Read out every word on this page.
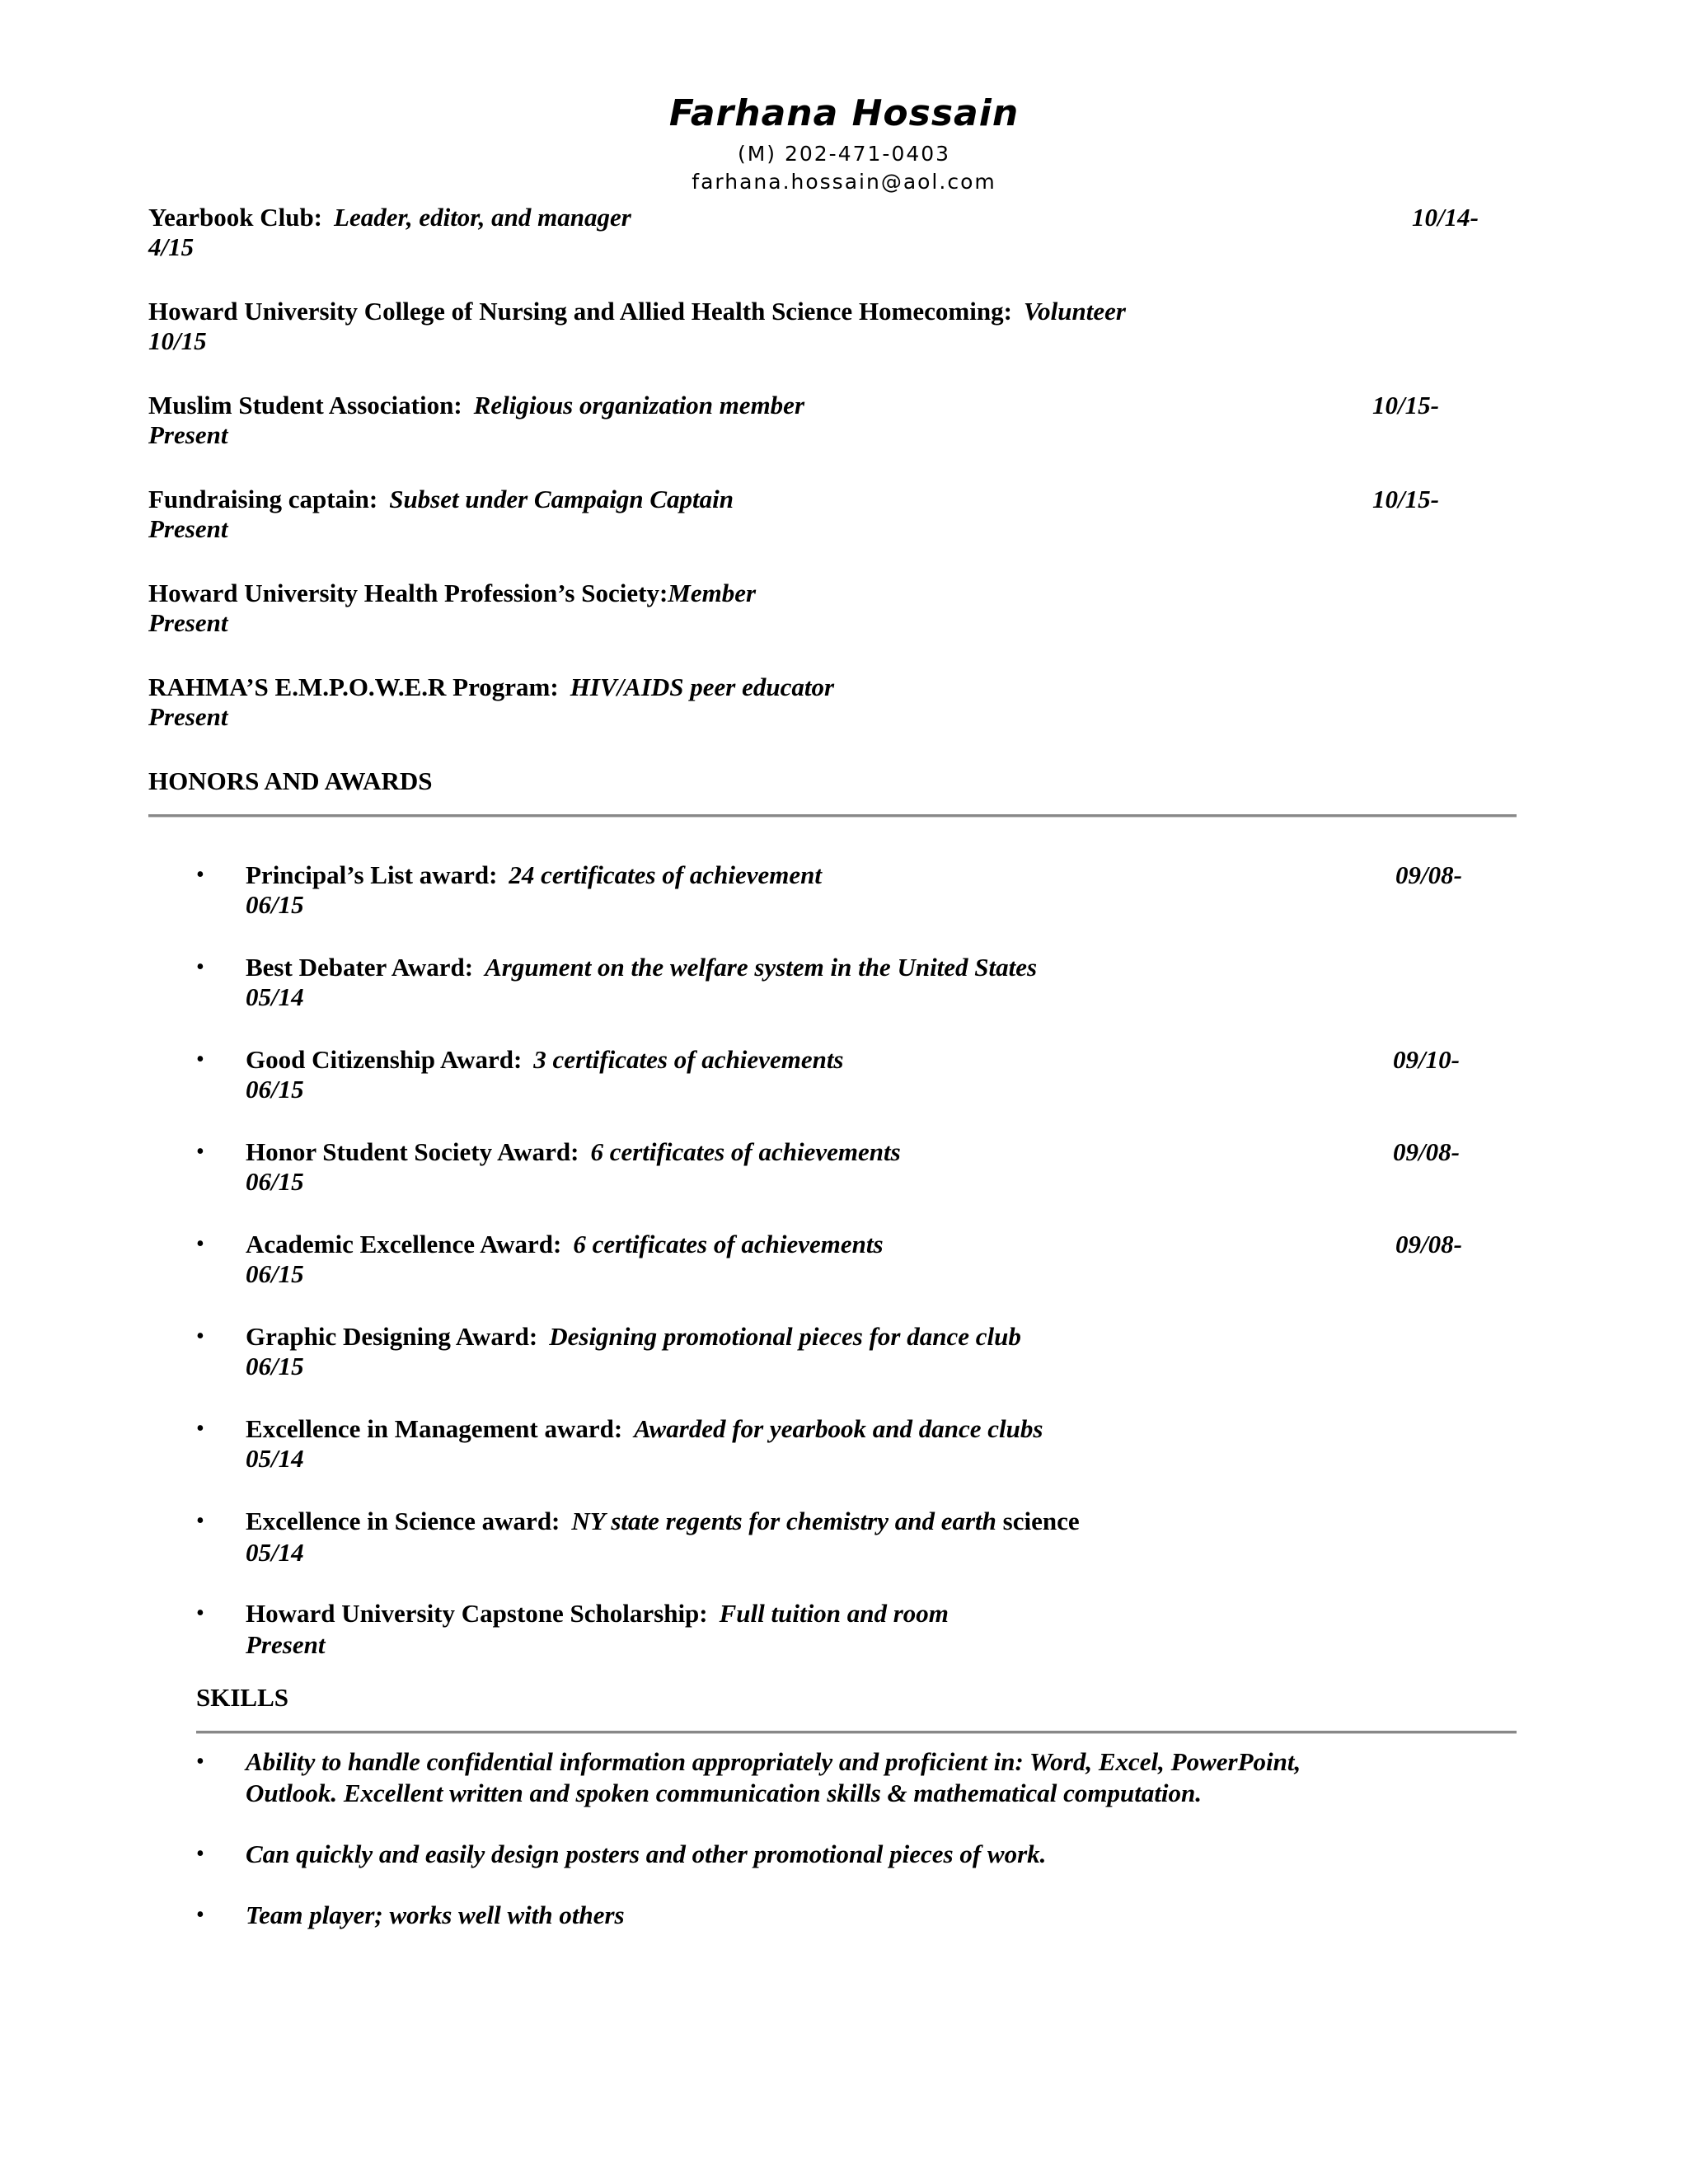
Farhana Hossain
(M) 202-471-0403
farhana.hossain@aol.com
Yearbook Club: Leader, editor, and manager	10/14-
4/15
Howard University College of Nursing and Allied Health Science Homecoming: Volunteer
10/15
Muslim Student Association: Religious organization member	10/15-
Present
Fundraising captain: Subset under Campaign Captain	10/15-
Present
Howard University Health Profession’s Society:Member
Present
RAHMA’S E.M.P.O.W.E.R Program: HIV/AIDS peer educator
Present
HONORS AND AWARDS
• Principal’s List award: 24 certificates of achievement	09/08-
06/15
• Best Debater Award: Argument on the welfare system in the United States
05/14
• Good Citizenship Award: 3 certificates of achievements	09/10-
06/15
• Honor Student Society Award: 6 certificates of achievements	09/08-
06/15
• Academic Excellence Award: 6 certificates of achievements	09/08-
06/15
• Graphic Designing Award: Designing promotional pieces for dance club
06/15
• Excellence in Management award: Awarded for yearbook and dance clubs
05/14
• Excellence in Science award: NY state regents for chemistry and earth science
05/14
• Howard University Capstone Scholarship: Full tuition and room
Present
SKILLS
• Ability to handle confidential information appropriately and proficient in: Word, Excel, PowerPoint,
Outlook. Excellent written and spoken communication skills & mathematical computation.
• Can quickly and easily design posters and other promotional pieces of work.
• Team player; works well with others
